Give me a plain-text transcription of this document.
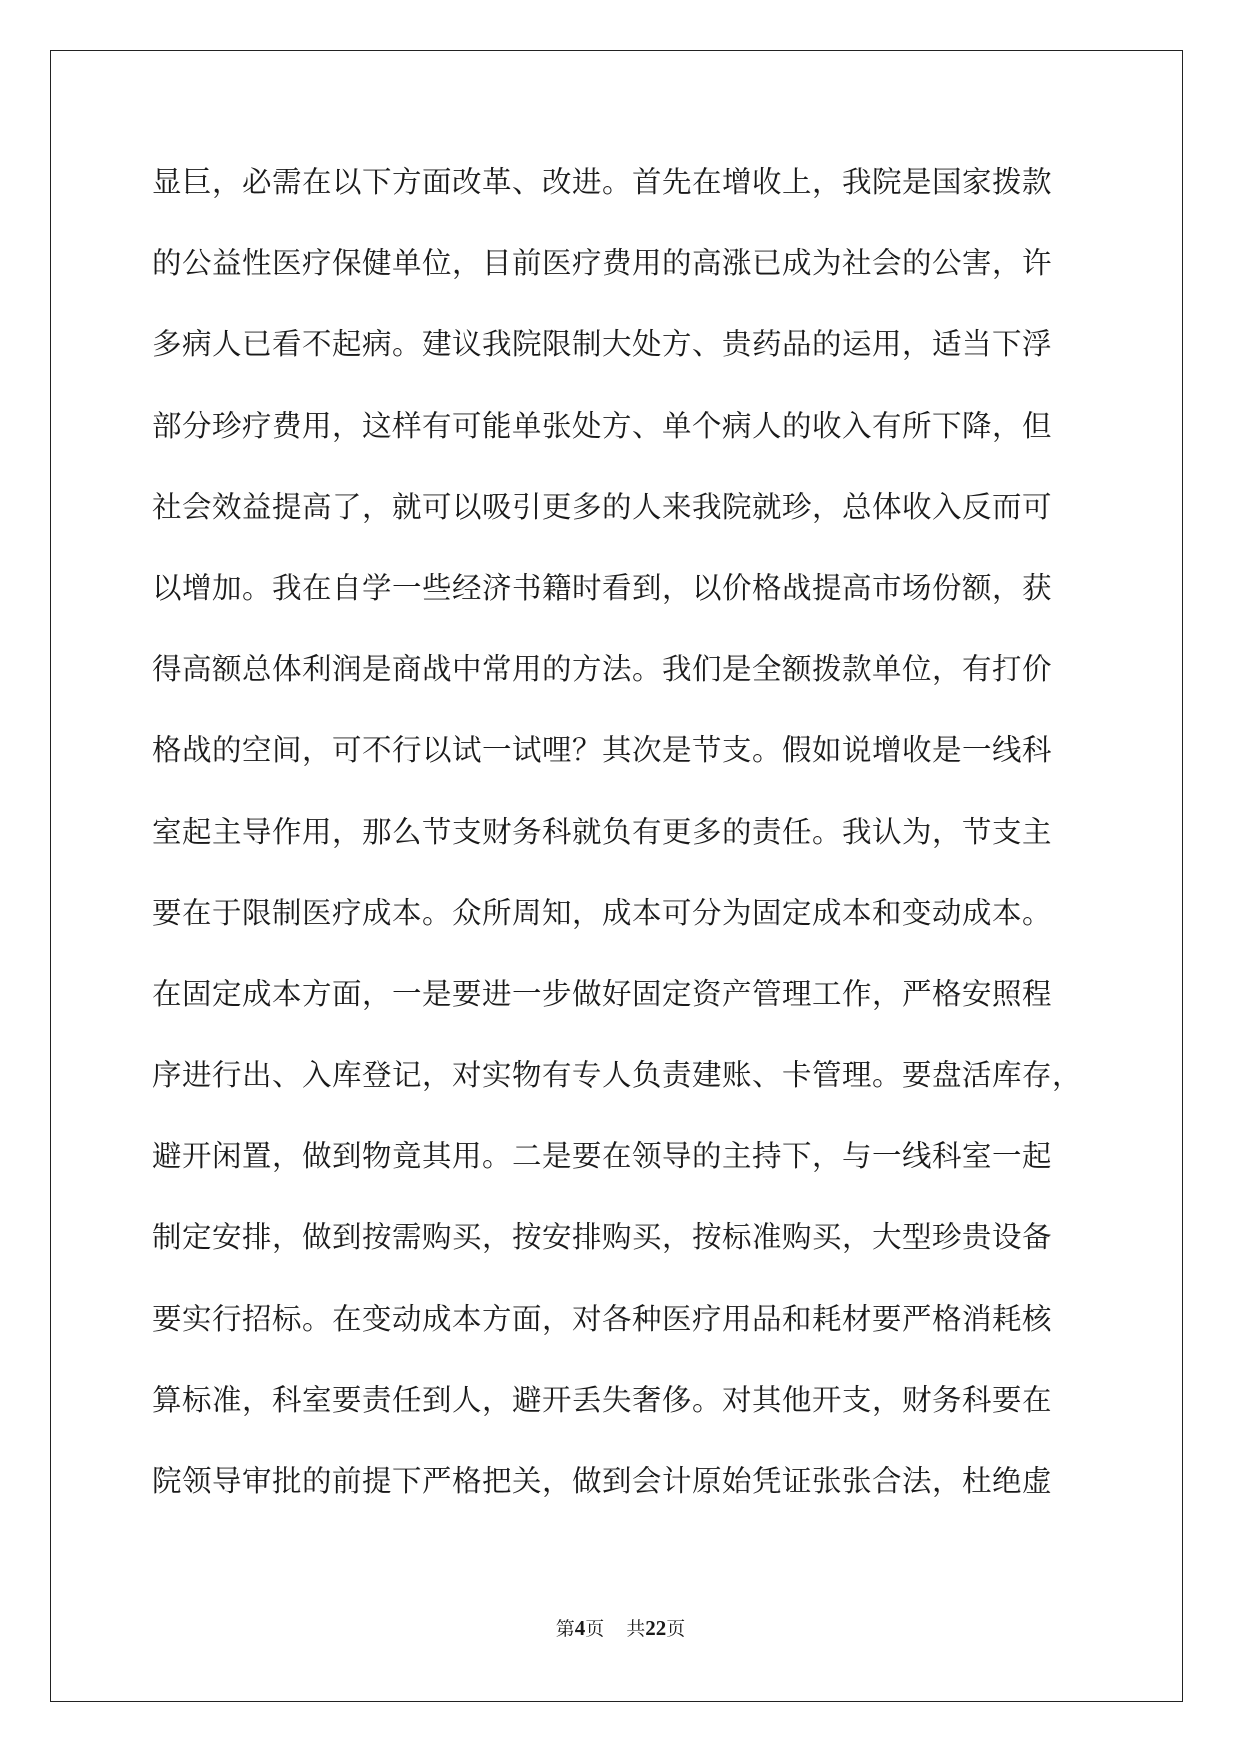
显巨，必需在以下方面改革、改进。首先在增收上，我院是国家拨款
的公益性医疗保健单位，目前医疗费用的高涨已成为社会的公害，许
多病人已看不起病。建议我院限制大处方、贵药品的运用，适当下浮
部分珍疗费用，这样有可能单张处方、单个病人的收入有所下降，但
社会效益提高了，就可以吸引更多的人来我院就珍，总体收入反而可
以增加。我在自学一些经济书籍时看到，以价格战提高市场份额，获
得高额总体利润是商战中常用的方法。我们是全额拨款单位，有打价
格战的空间，可不行以试一试哩？其次是节支。假如说增收是一线科
室起主导作用，那么节支财务科就负有更多的责任。我认为，节支主
要在于限制医疗成本。众所周知，成本可分为固定成本和变动成本。
在固定成本方面，一是要进一步做好固定资产管理工作，严格安照程
序进行出、入库登记，对实物有专人负责建账、卡管理。要盘活库存，
避开闲置，做到物竟其用。二是要在领导的主持下，与一线科室一起
制定安排，做到按需购买，按安排购买，按标准购买，大型珍贵设备
要实行招标。在变动成本方面，对各种医疗用品和耗材要严格消耗核
算标准，科室要责任到人，避开丢失奢侈。对其他开支，财务科要在
院领导审批的前提下严格把关，做到会计原始凭证张张合法，杜绝虚
第4页 共22页
